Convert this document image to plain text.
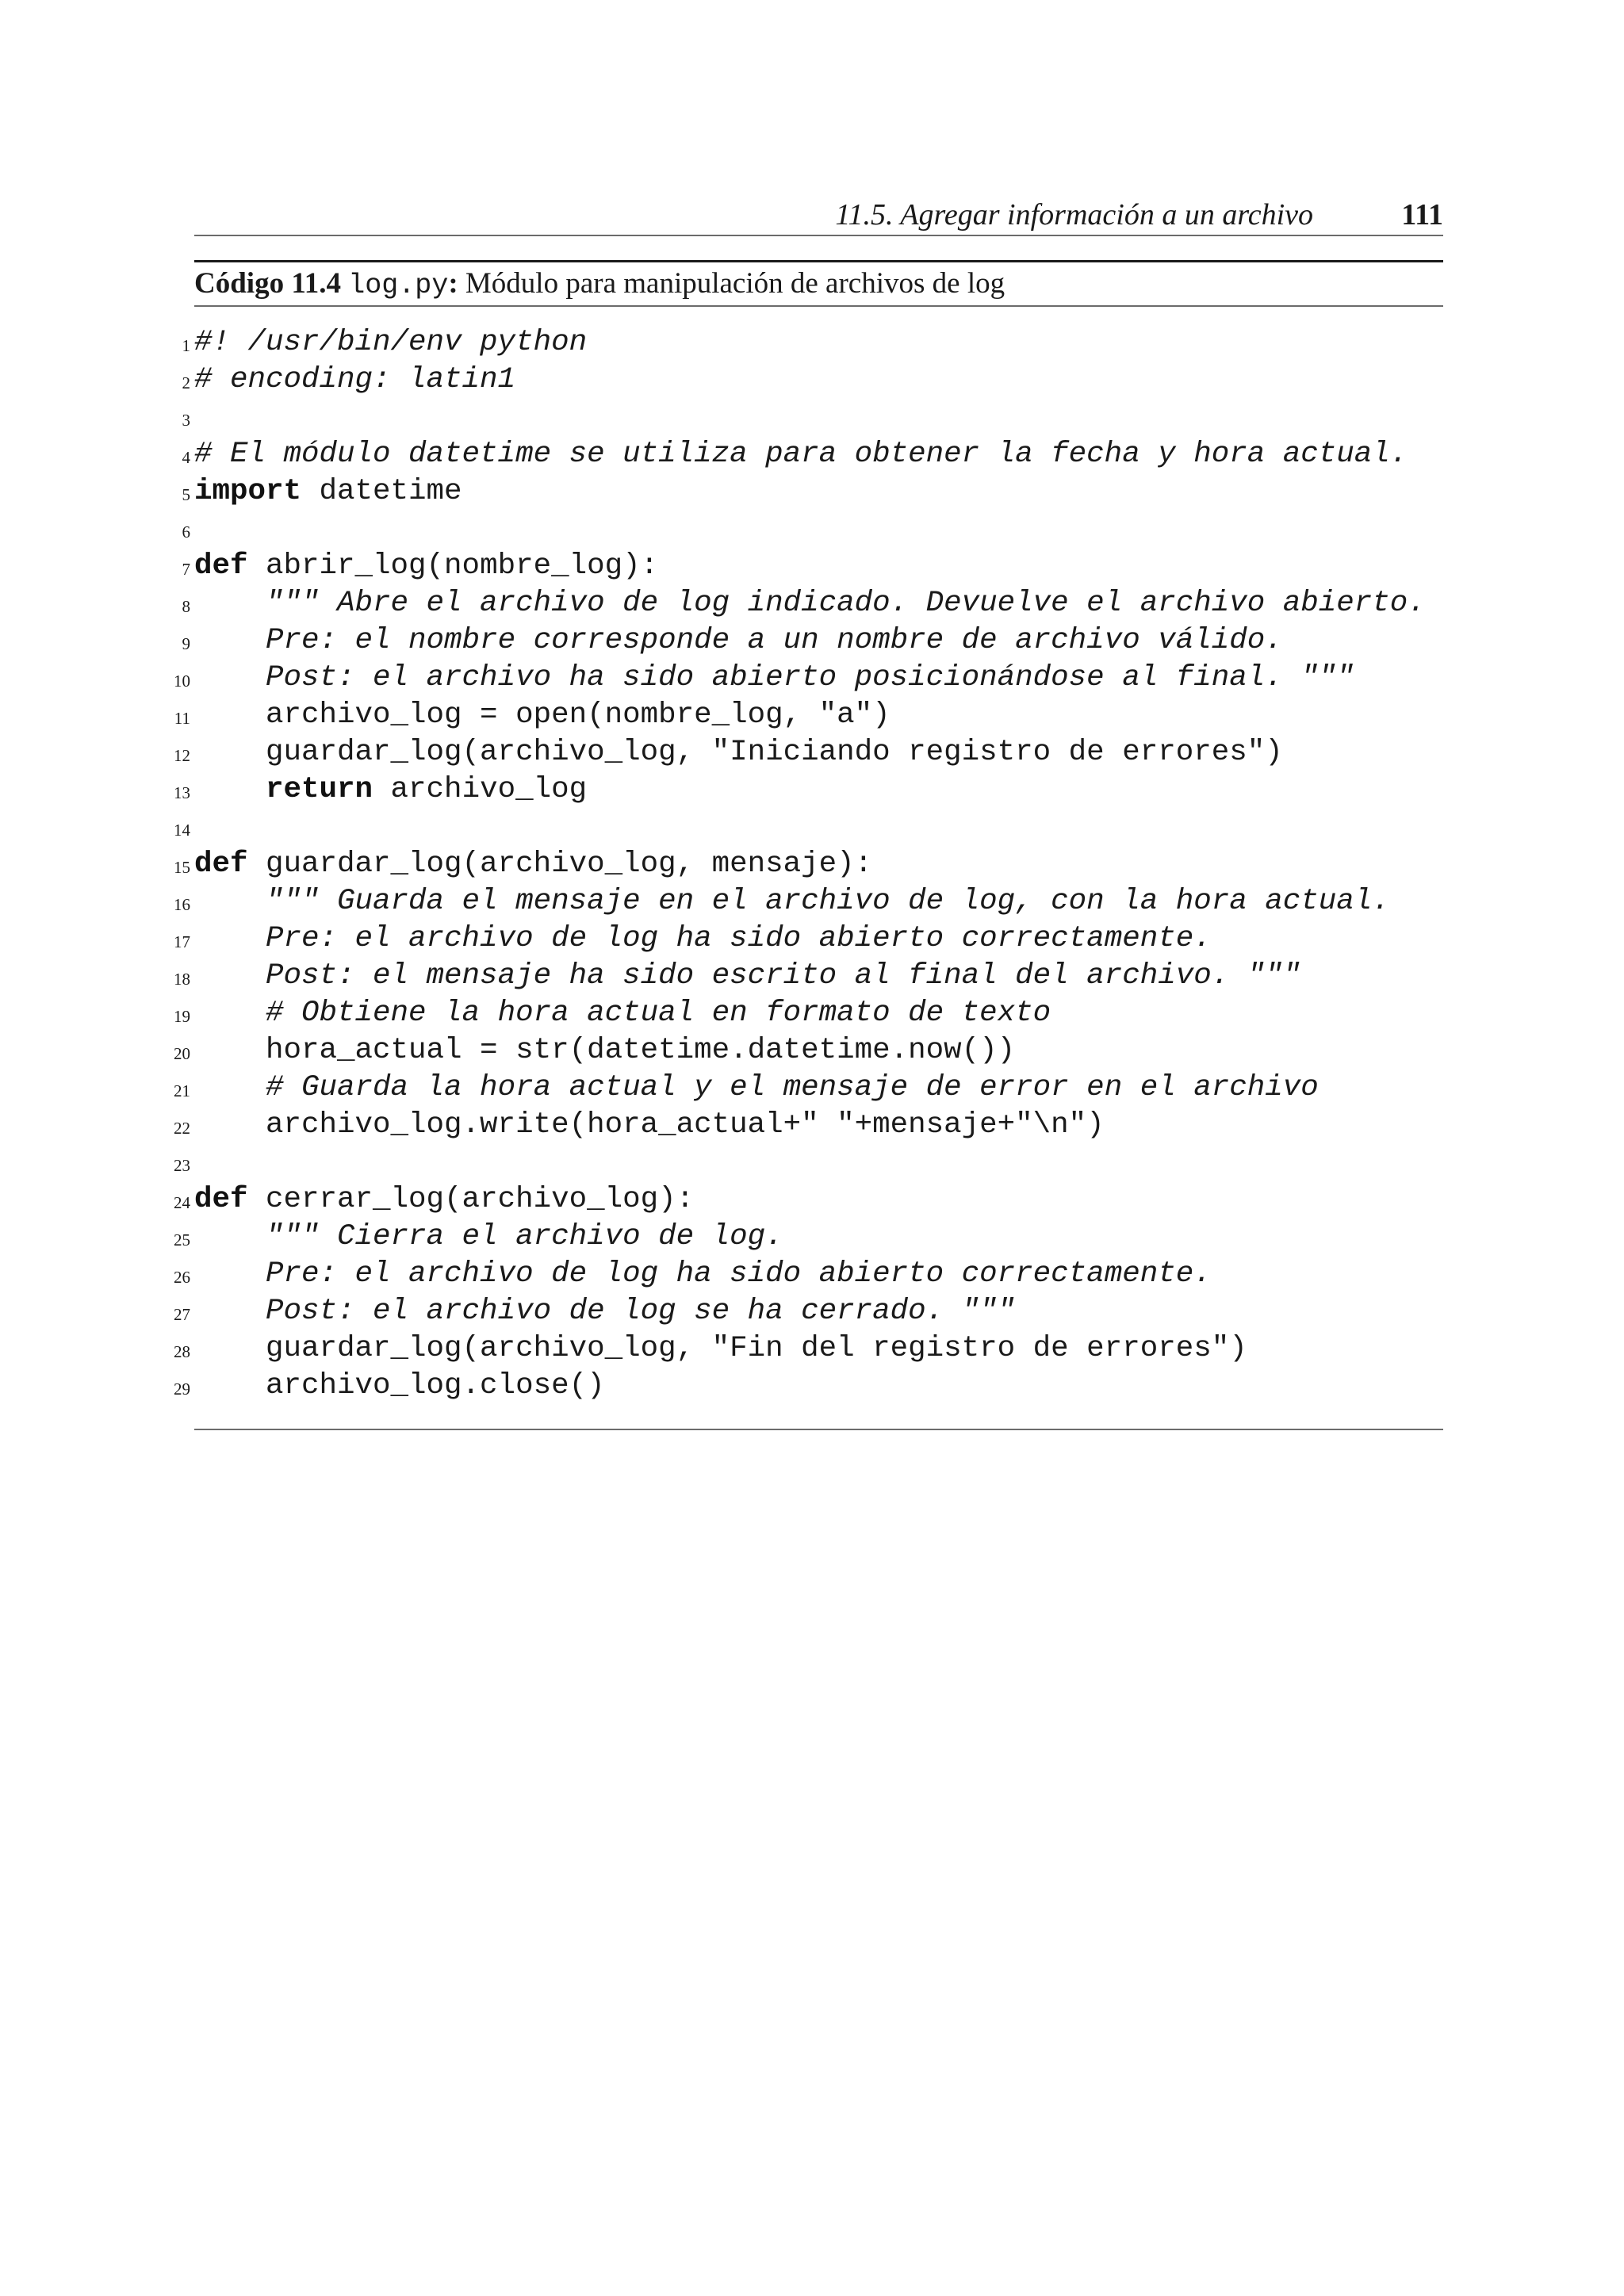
11.5. Agregar información a un archivo	111
Código 11.4 log.py: Módulo para manipulación de archivos de log
1 #! /usr/bin/env python
2 # encoding: latin1
3
4 # El módulo datetime se utiliza para obtener la fecha y hora actual.
5 import datetime
6
7 def abrir_log(nombre_log):
8	""" Abre el archivo de log indicado. Devuelve el archivo abierto.
9	Pre: el nombre corresponde a un nombre de archivo válido.
10	Post: el archivo ha sido abierto posicionándose al final. """
11 archivo_log = open(nombre_log, "a")
12 guardar_log(archivo_log, "Iniciando registro de errores")
13	return archivo_log
14
15 def guardar_log(archivo_log, mensaje):
16	""" Guarda el mensaje en el archivo de log, con la hora actual.
17	Pre: el archivo de log ha sido abierto correctamente.
18	Post: el mensaje ha sido escrito al final del archivo. """
19	# Obtiene la hora actual en formato de texto
20 hora_actual = str(datetime.datetime.now())
21	# Guarda la hora actual y el mensaje de error en el archivo
22 archivo_log.write(hora_actual+" "+mensaje+"\n")
23
24 def cerrar_log(archivo_log):
25	""" Cierra el archivo de log.
26	Pre: el archivo de log ha sido abierto correctamente.
27	Post: el archivo de log se ha cerrado. """
28 guardar_log(archivo_log, "Fin del registro de errores")
29 archivo_log.close()
